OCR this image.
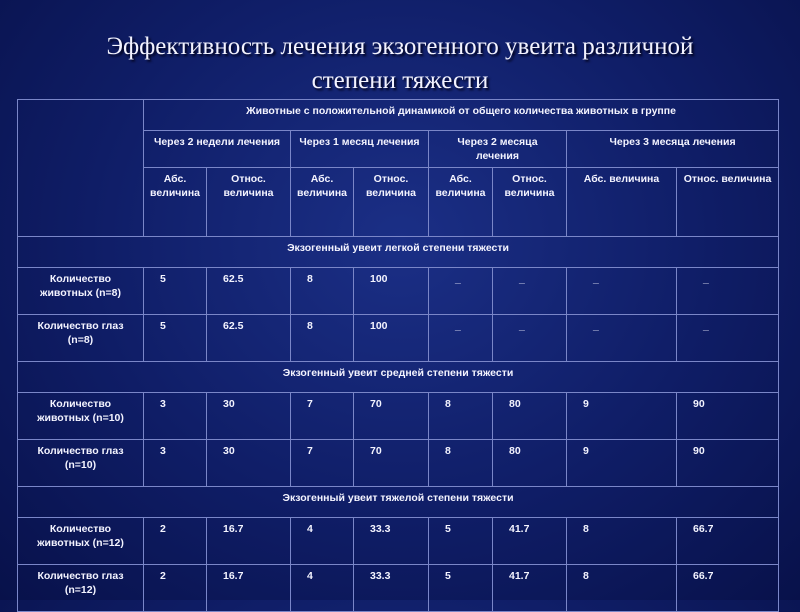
Эффективность лечения экзогенного увеита различной
степени тяжести
	Животные с положительной динамикой от общего количества животных в группе							
	Через 2 недели лечения		Через 1 месяц лечения		Через 2 месяца лечения		Через 3 месяца лечения	
	Абс. величина	Относ. величина	Абс. величина	Относ. величина	Абс. величина	Относ. величина	Абс. величина	Относ. величина
Экзогенный увеит легкой степени тяжести								
Количество животных (n=8)	5	62.5	8	100	_	_	_	_
Количество глаз (n=8)	5	62.5	8	100	_	_	_	_
Экзогенный увеит средней степени тяжести								
Количество животных (n=10)	3	30	7	70	8	80	9	90
Количество глаз (n=10)	3	30	7	70	8	80	9	90
Экзогенный увеит тяжелой степени тяжести								
Количество животных (n=12)	2	16.7	4	33.3	5	41.7	8	66.7
Количество глаз (n=12)	2	16.7	4	33.3	5	41.7	8	66.7
